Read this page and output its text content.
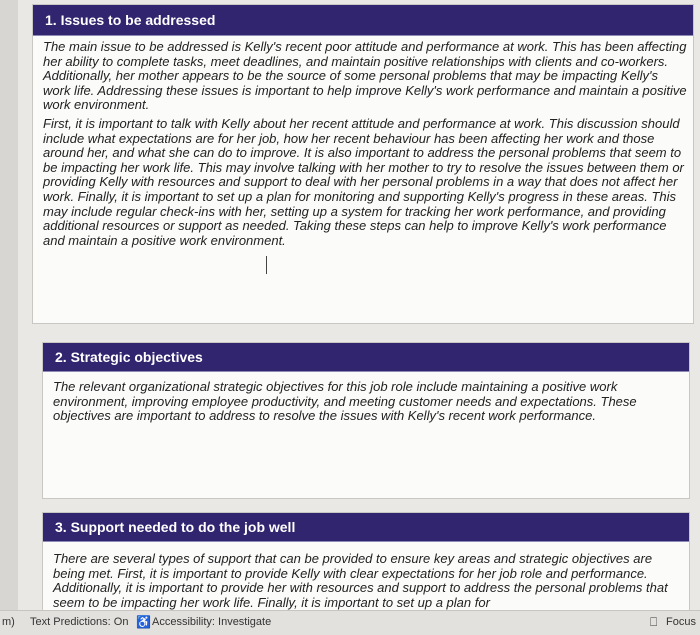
1. Issues to be addressed

The main issue to be addressed is Kelly's recent poor attitude and performance at work. This has been affecting her ability to complete tasks, meet deadlines, and maintain positive relationships with clients and co-workers. Additionally, her mother appears to be the source of some personal problems that may be impacting Kelly's work life. Addressing these issues is important to help improve Kelly's work performance and maintain a positive work environment.

First, it is important to talk with Kelly about her recent attitude and performance at work. This discussion should include what expectations are for her job, how her recent behaviour has been affecting her work and those around her, and what she can do to improve. It is also important to address the personal problems that seem to be impacting her work life. This may involve talking with her mother to try to resolve the issues between them or providing Kelly with resources and support to deal with her personal problems in a way that does not affect her work. Finally, it is important to set up a plan for monitoring and supporting Kelly's progress in these areas. This may include regular check-ins with her, setting up a system for tracking her work performance, and providing additional resources or support as needed. Taking these steps can help to improve Kelly's work performance and maintain a positive work environment.

2. Strategic objectives

The relevant organizational strategic objectives for this job role include maintaining a positive work environment, improving employee productivity, and meeting customer needs and expectations. These objectives are important to address to resolve the issues with Kelly's recent work performance.

3. Support needed to do the job well

There are several types of support that can be provided to ensure key areas and strategic objectives are being met. First, it is important to provide Kelly with clear expectations for her job role and performance. Additionally, it is important to provide her with resources and support to address the personal problems that seem to be impacting her work life. Finally, it is important to set up a plan for

m) Text Predictions: On ♿ Accessibility: Investigate	⎕ Focus
